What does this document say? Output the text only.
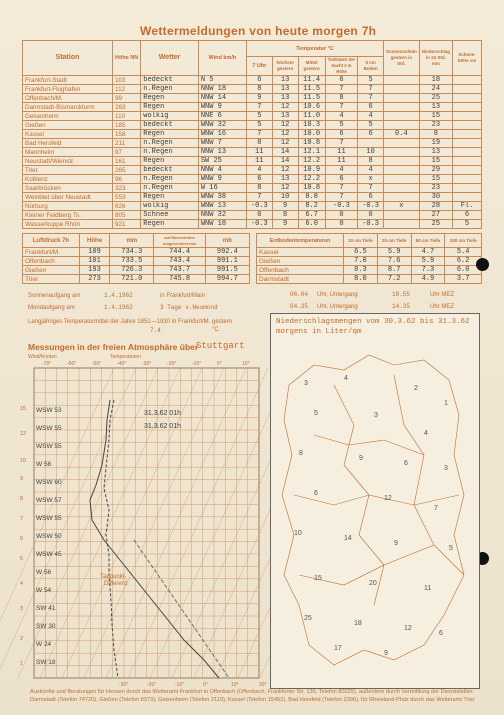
Wettermeldungen von heute morgen 7h
Station	Höhe NN	Wetter	Wind km/h	Temperatur °C					Sonnenschein gestern in Std.	Niederschlag in 24 Std. mm	Schnee-höhe cm
				7 Uhr	höchste gestern	Mittel gestern	Tiefstwert der Nacht 2 m Höhe	5 cm Boden			
Frankfurt-Stadt	103	bedeckt	N 5	6	13	11.4	6	5		18	
Frankfurt-Flughafen	112	n.Regen	NNW 18	8	13	11.5	7	7		24	
Offenbach/M.	99	Regen	NNW 14	9	13	11.5	8	7		25	
Darmstadt-Bismarckturm	263	Regen	WNW 9	7	12	10.6	7	6		13	
Geisenheim	110	wolkig	NNE 6	5	13	11.0	4	4		15	
Gießen	185	bedeckt	WNW 32	5	12	10.3	5	5		23	
Kassel	158	Regen	WNW 16	7	12	10.0	6	6	0.4	8	
Bad Hersfeld	211	n.Regen	WNW 7	8	12	10.8	7			19	
Mannheim	97	n.Regen	NNW 13	11	14	12.1	11	10		13	
Neustadt/Weinstr.	161	Regen	SW 25	11	14	12.2	11	8		15	
Trier	265	bedeckt	NNW 4	4	12	10.9	4	4		29	
Koblenz	96	n.Regen	WNW 9	6	13	12.2	6	x		15	
Saarbrücken	323	n.Regen	W 16	8	12	10.8	7	7		23	
Weinbiet über Neustadt	553	Regen	WNW 38	7	10	8.8	7	6		30	
Nürburg	626	wolkig	WNW 13	-0.3	9	8.2	-0.3	-0.3	x	28	Fl.
Kleiner Feldberg Ts.	805	Schnee	NNW 32	0	8	6.7	0	0		27	6
Wasserkuppe Rhön	921	Regen	WNW 18	-0.3	9	6.0	0	-0.3		25	5
Luftdruck 7h	Höhe	mm	auf Meereshöhe umgerechnet mm	mb
Frankfurt/M.	109	734.3	744.4	992.4
Offenbach	101	733.5	743.4	991.1
Gießen	193	726.3	743.7	991.5
Trier	273	721.0	745.8	994.7
Erdbodentemperaturen	10 cm Tiefe	20 cm Tiefe	50 cm Tiefe	100 cm Tiefe
Kassel	6.5	5.9	4.7	5.4
Gießen	7.0	7.6	5.9	6.2
Offenbach	8.3	8.7	7.3	6.0
Darmstadt	8.0	7.2	4.9	3.7
Sonnenaufgang am	1.4.1962	in Frankfurt/Main	06.04 Uhr, Untergang	18.55	Uhr MEZ
Mondaufgang am	1.4.1962	3 Tage v.Neumond	04.35 Uhr, Untergang	14.35	Uhr MEZ
Langjähriges Temperaturmittel der Jahre 1851—1930 in Frankfurt/M. gestern
7.4	°C
Messungen in der freien Atmosphäre über
Stuttgart
Wind/Knoten	Temperaturen
-70°	-60°	-50°	-40°	-30°	-20°	-10°	0°	10°
-30°	-20°	-10°	0°	10°	20°
15
12
10
9
8
7
6
5
4
3
2
1
WSW 53
WSW 55
WSW 55
W 58
WSW 60
WSW 57
WSW 55
WSW 50
WSW 45
W 56
W 54
SW 41
SW 30
W 24
SW 18
Taupunkt-Differenz
31.3.62 01h
31.3.62 01h
Niederschlagsmengen vom 30.3.62 bis 31.3.62 morgens in Liter/qm
3
4
2
1
5	3
4
8
9
6
3
6
12
7
10
14
9
5
15
20
11
25
18
12
17
9
6
Auskünfte und Beratungen für Hessen durch das Wetteramt Frankfurt in Offenbach (Offenbach, Frankfurter Str. 135, Telefon 80229), außerdem durch Vermittlung der Dienststellen Darmstadt (Telefon 74720), Gießen (Telefon 8373), Geisenheim (Telefon 2119), Kassel (Telefon 15452), Bad Hersfeld (Telefon 2396), für Rheinland-Pfalz durch das Wetteramt Trier
